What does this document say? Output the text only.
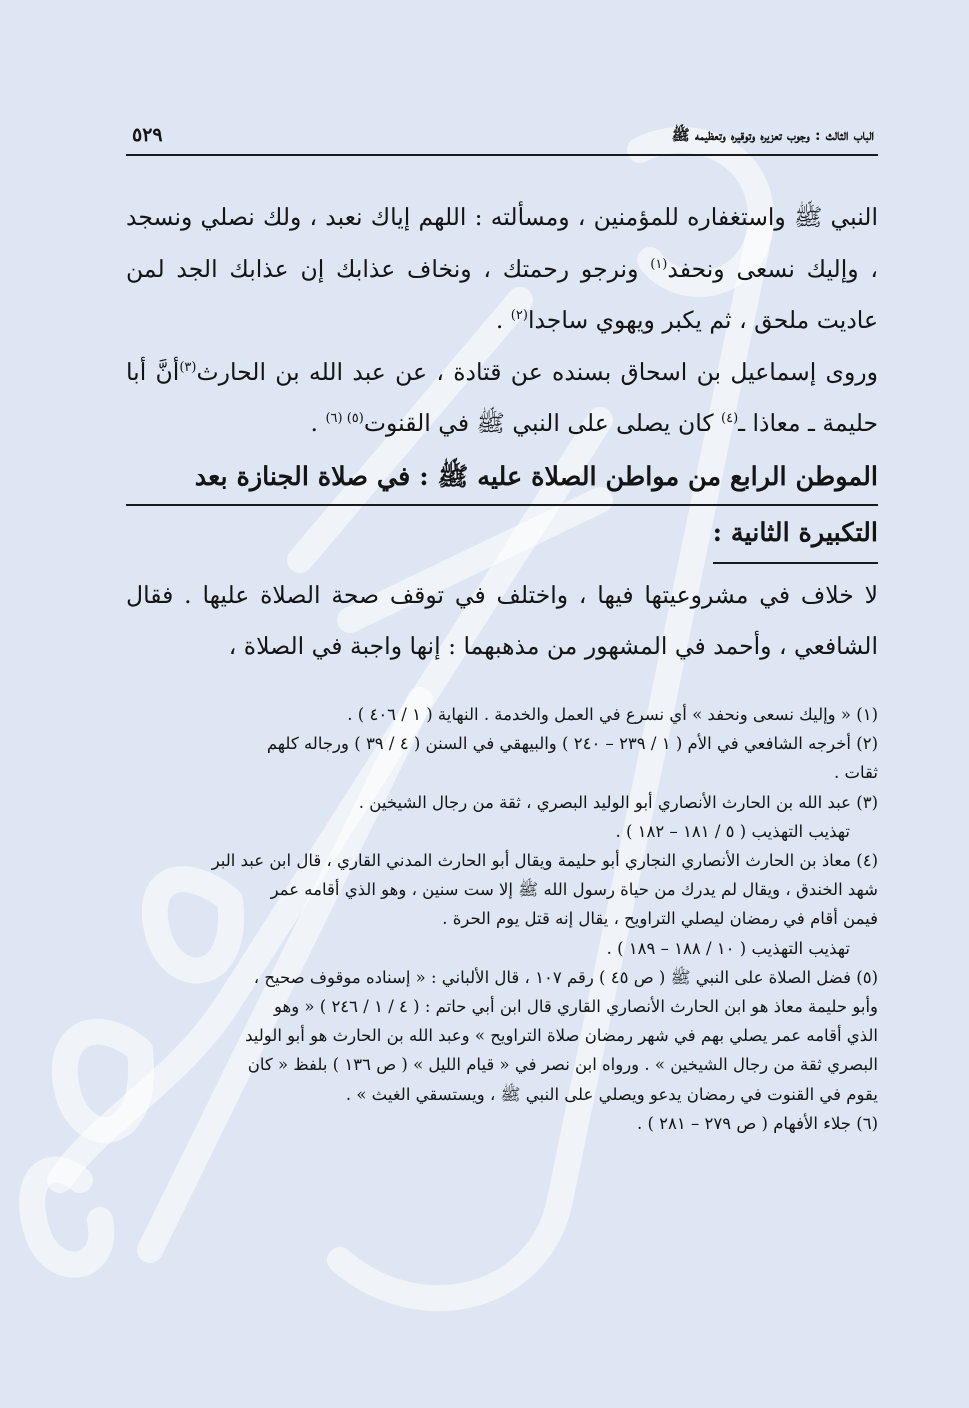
الباب الثالث : وجوب تعزيره وتوقيره وتعظيمه ﷺ
٥٢٩

النبي ﷺ واستغفاره للمؤمنين ، ومسألته : اللهم إياك نعبد ، ولك نصلي ونسجد ، وإليك نسعى ونحفد$^{(١)}$ ونرجو رحمتك ، ونخاف عذابك إن عذابك الجد لمن عاديت ملحق ، ثم يكبر ويهوي ساجدا$^{(٢)}$ .

وروى إسماعيل بن اسحاق بسنده عن قتادة ، عن عبد الله بن الحارث$^{(٣)}$أنَّ أبا حليمة ـ معاذا ـ$^{(٤)}$ كان يصلى على النبي ﷺ في القنوت$^{(٥) (٦)}$ .

الموطن الرابع من مواطن الصلاة عليه ﷺ : في صلاة الجنازة بعد
التكبيرة الثانية :

لا خلاف في مشروعيتها فيها ، واختلف في توقف صحة الصلاة عليها . فقال الشافعي ، وأحمد في المشهور من مذهبهما : إنها واجبة في الصلاة ،

(١) « وإليك نسعى ونحفد » أي نسرع في العمل والخدمة . النهاية ( ١ / ٤٠٦ ) .

(٢) أخرجه الشافعي في الأم ( ١ / ٢٣٩ – ٢٤٠ ) والبيهقي في السنن ( ٤ / ٣٩ ) ورجاله كلهم

ثقات .

(٣) عبد الله بن الحارث الأنصاري أبو الوليد البصري ، ثقة من رجال الشيخين .

تهذيب التهذيب ( ٥ / ١٨١ – ١٨٢ ) .

(٤) معاذ بن الحارث الأنصاري النجاري أبو حليمة ويقال أبو الحارث المدني القاري ، قال ابن عبد البر

شهد الخندق ، ويقال لم يدرك من حياة رسول الله ﷺ إلا ست سنين ، وهو الذي أقامه عمر

فيمن أقام في رمضان ليصلي التراويح ، يقال إنه قتل يوم الحرة .

تهذيب التهذيب ( ١٠ / ١٨٨ – ١٨٩ ) .

(٥) فضل الصلاة على النبي ﷺ ( ص ٤٥ ) رقم ١٠٧ ، قال الألباني : « إسناده موقوف صحيح ،

وأبو حليمة معاذ هو ابن الحارث الأنصاري القاري قال ابن أبي حاتم : ( ٤ / ١ / ٢٤٦ ) « وهو

الذي أقامه عمر يصلي بهم في شهر رمضان صلاة التراويح » وعبد الله بن الحارث هو أبو الوليد

البصري ثقة من رجال الشيخين » . ورواه ابن نصر في « قيام الليل » ( ص ١٣٦ ) بلفظ « كان

يقوم في القنوت في رمضان يدعو ويصلي على النبي ﷺ ، ويستسقي الغيث » .

(٦) جلاء الأفهام ( ص ٢٧٩ – ٢٨١ ) .
